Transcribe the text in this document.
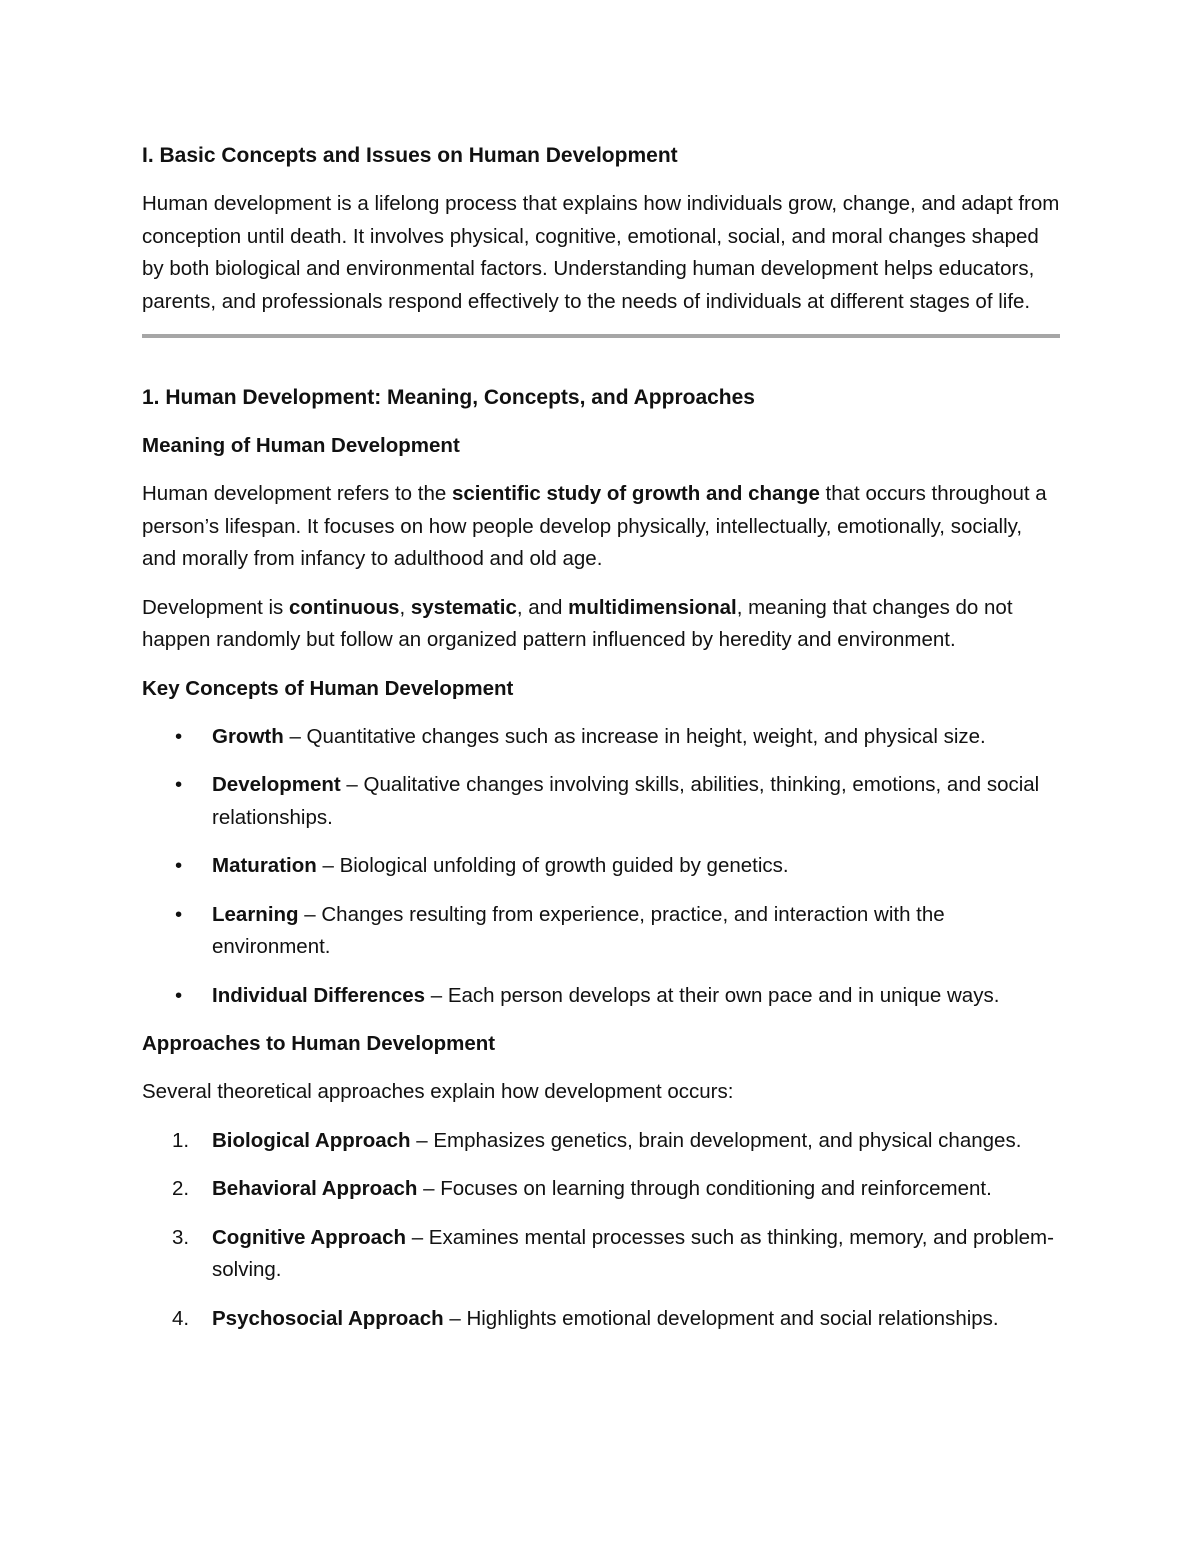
I. Basic Concepts and Issues on Human Development

Human development is a lifelong process that explains how individuals grow, change, and adapt from conception until death. It involves physical, cognitive, emotional, social, and moral changes shaped by both biological and environmental factors. Understanding human development helps educators, parents, and professionals respond effectively to the needs of individuals at different stages of life.

1. Human Development: Meaning, Concepts, and Approaches
Meaning of Human Development

Human development refers to the scientific study of growth and change that occurs throughout a person’s lifespan. It focuses on how people develop physically, intellectually, emotionally, socially, and morally from infancy to adulthood and old age.

Development is continuous, systematic, and multidimensional, meaning that changes do not happen randomly but follow an organized pattern influenced by heredity and environment.

Key Concepts of Human Development
•	Growth – Quantitative changes such as increase in height, weight, and physical size.
•	Development – Qualitative changes involving skills, abilities, thinking, emotions, and social relationships.
•	Maturation – Biological unfolding of growth guided by genetics.
•	Learning – Changes resulting from experience, practice, and interaction with the environment.
•	Individual Differences – Each person develops at their own pace and in unique ways.
Approaches to Human Development

Several theoretical approaches explain how development occurs:

1.	Biological Approach – Emphasizes genetics, brain development, and physical changes.
2.	Behavioral Approach – Focuses on learning through conditioning and reinforcement.
3.	Cognitive Approach – Examines mental processes such as thinking, memory, and problem-solving.
4.	Psychosocial Approach – Highlights emotional development and social relationships.
